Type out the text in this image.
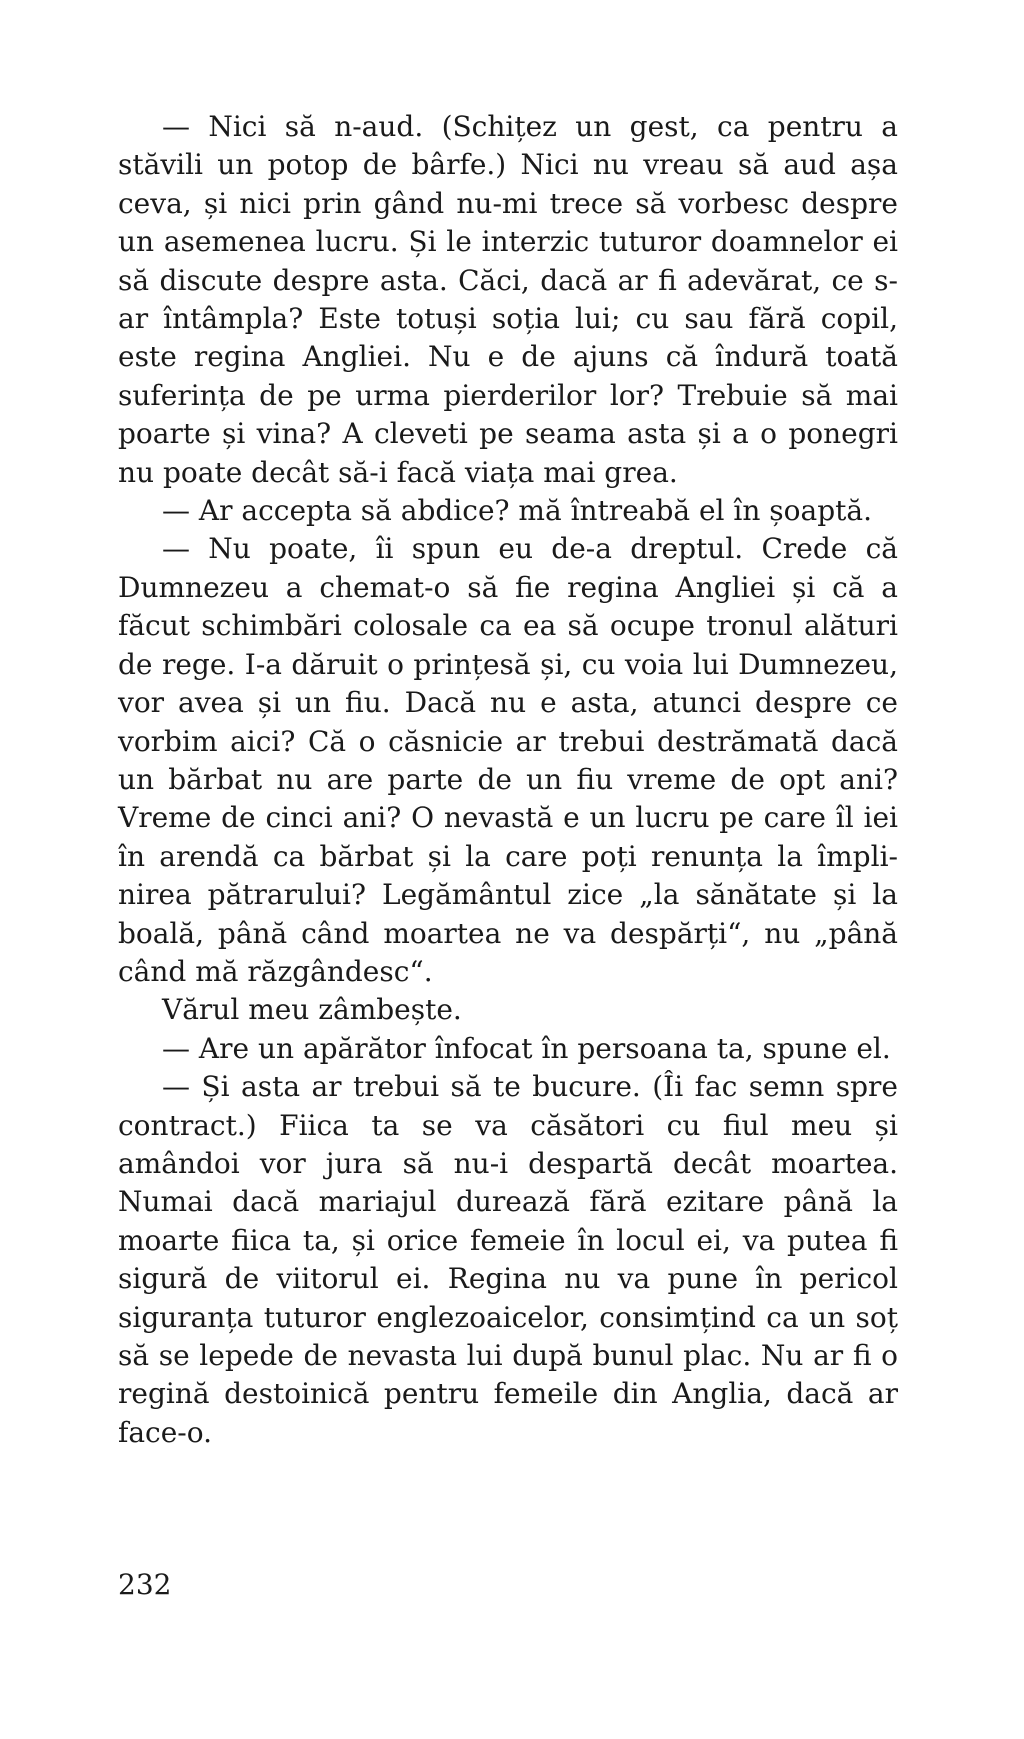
— Nici să n-aud. (Schițez un gest, ca pentru a stăvili un potop de bârfe.) Nici nu vreau să aud așa ceva, și nici prin gând nu-mi trece să vorbesc despre un asemenea lucru. Și le interzic tuturor doamnelor ei să discute despre asta. Căci, dacă ar fi adevărat, ce s-ar întâmpla? Este totuși soția lui; cu sau fără copil, este regina Angliei. Nu e de ajuns că îndură toată suferința de pe urma pierderilor lor? Trebuie să mai poarte și vina? A cleveti pe seama asta și a o ponegri nu poate decât să-i facă viața mai grea.

— Ar accepta să abdice? mă întreabă el în șoaptă.

— Nu poate, îi spun eu de-a dreptul. Crede că Dumnezeu a chemat-o să fie regina Angliei și că a făcut schimbări colosale ca ea să ocupe tronul alături de rege. I-a dăruit o prințesă și, cu voia lui Dumnezeu, vor avea și un fiu. Dacă nu e asta, atunci despre ce vorbim aici? Că o căsnicie ar trebui destrămată dacă un bărbat nu are parte de un fiu vreme de opt ani? Vreme de cinci ani? O nevastă e un lucru pe care îl iei în arendă ca bărbat și la care poți renunța la împlinirea pătrarului? Legământul zice „la sănătate și la boală, până când moartea ne va despărți“, nu „până când mă răzgândesc“.

Vărul meu zâmbește.

— Are un apărător înfocat în persoana ta, spune el.

— Și asta ar trebui să te bucure. (Îi fac semn spre contract.) Fiica ta se va căsători cu fiul meu și amândoi vor jura să nu-i despartă decât moartea. Numai dacă mariajul durează fără ezitare până la moarte fiica ta, și orice femeie în locul ei, va putea fi sigură de viitorul ei. Regina nu va pune în pericol siguranța tuturor englezoaicelor, consimțind ca un soț să se lepede de nevasta lui după bunul plac. Nu ar fi o regină destoinică pentru femeile din Anglia, dacă ar face-o.

232
